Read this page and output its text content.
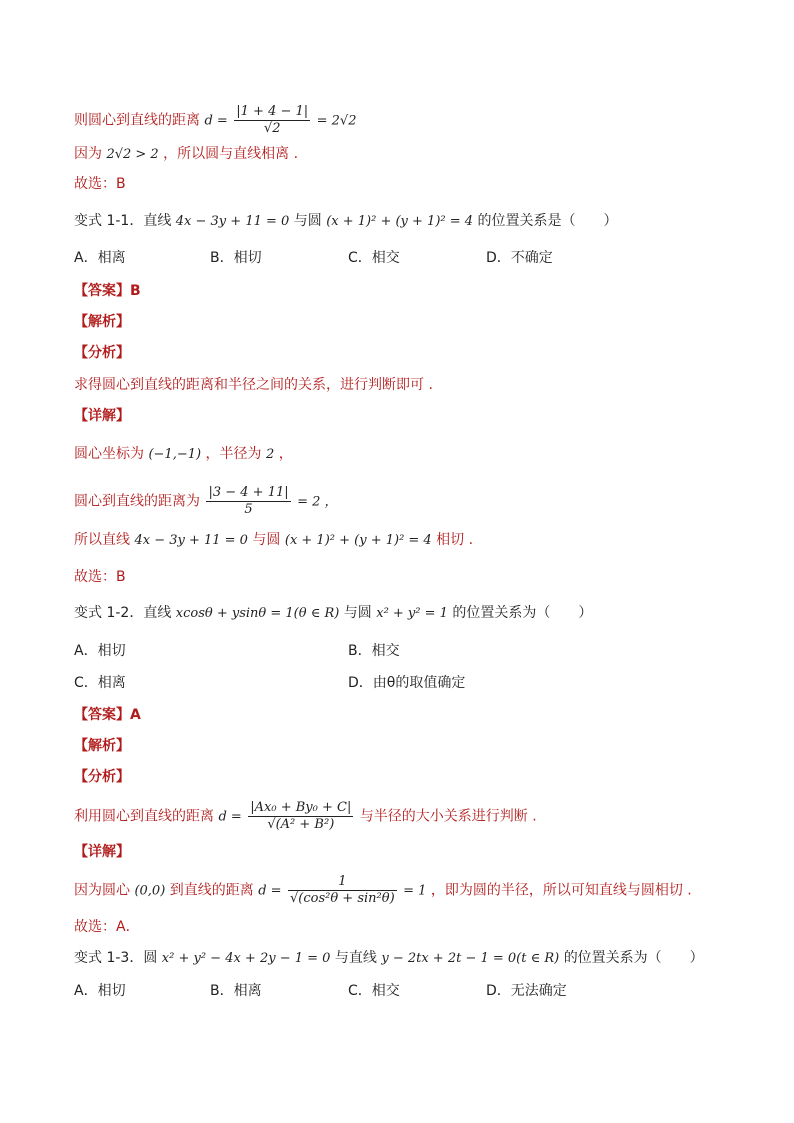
则圆心到直线的距离 $d = \frac{|1 + 4 - 1|}{√2} = 2√2$
因为 2√2 > 2 ，所以圆与直线相离 .
故选：B
变式 1-1．直线 4x − 3y + 11 = 0 与圆 (x + 1)² + (y + 1)² = 4 的位置关系是（　　）
A．相离	B．相切	C．相交	D．不确定
【答案】B
【解析】
【分析】
求得圆心到直线的距离和半径之间的关系，进行判断即可 .
【详解】
圆心坐标为 (−1,−1) ，半径为 2 ，
圆心到直线的距离为 $\frac{|3 - 4 + 11|}{5} = 2$ ，
所以直线 4x − 3y + 11 = 0 与圆 (x + 1)² + (y + 1)² = 4 相切 .
故选：B
变式 1-2．直线 xcosθ + ysinθ = 1(θ ∈ R) 与圆 x² + y² = 1 的位置关系为（　　）
A．相切	B．相交
C．相离	D．由θ的取值确定
【答案】A
【解析】
【分析】
利用圆心到直线的距离 $d = \frac{\text{|Ax₀ + By₀ + C|}}{\text{√(A² + B²)}}$ 与半径的大小关系进行判断 .
【详解】
因为圆心 (0,0) 到直线的距离 $d = \frac{1}{\text{√(cos²θ + sin²θ)}} = 1$ ，即为圆的半径，所以可知直线与圆相切 .
故选：A．
变式 1-3．圆 x² + y² − 4x + 2y − 1 = 0 与直线 y − 2tx + 2t − 1 = 0(t ∈ R) 的位置关系为（　　）
A．相切	B．相离	C．相交	D．无法确定
